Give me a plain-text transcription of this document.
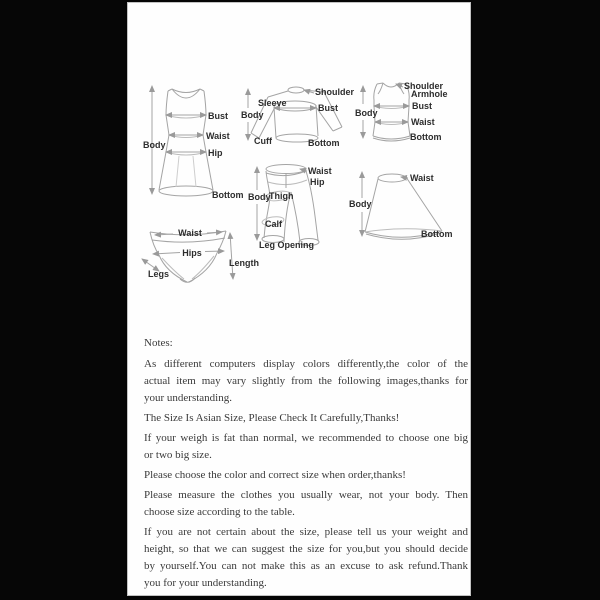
Bust
Waist
Hip
Body
Bottom
Shoulder
Sleeve	Bust
Body
Cuff	Bottom
Shoulder
Armhole
Bust
Body
Waist
Bottom
Waist
Hip
Body
Thigh
Calf
Leg Opening
Waist
Body
Bottom
Waist
Hips
Legs
Length
Notes:
As different computers display colors differently,the color of the
actual item may vary slightly from the following images,thanks for
your understanding.
The Size Is Asian Size, Please Check It Carefully,Thanks!
If your weigh is fat than normal, we recommended to choose one big
or two big size.
Please choose the color and correct size when order,thanks!
Please measure the clothes you usually wear, not your body. Then
choose size according to the table.
If you are not certain about the size, please tell us your weight and
height, so that we can suggest the size for you,but you should decide
by yourself.You can not make this as an excuse to ask refund.Thank
you for your understanding.
